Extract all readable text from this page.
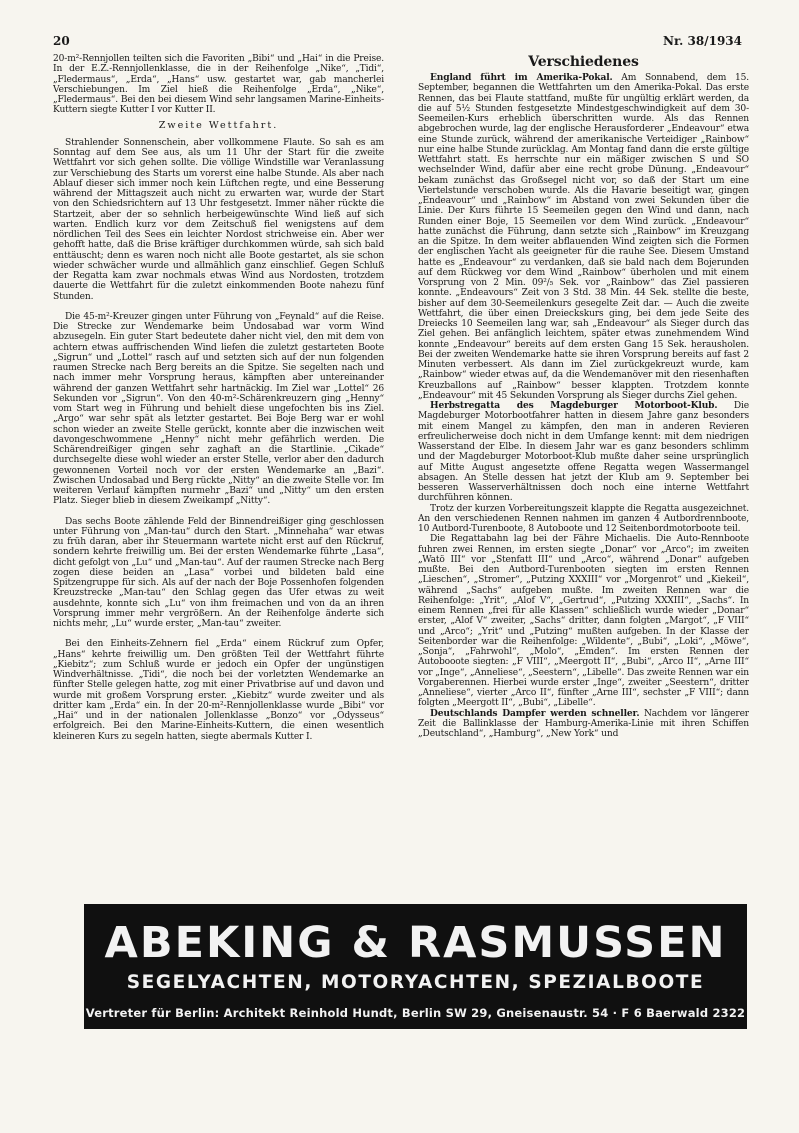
20	Nr. 38/1934

20-m²-Rennjollen teilten sich die Favoriten „Bibi“ und „Hai“ in die Preise. In der E.Z.-Rennjollenklasse, die in der Reihenfolge „Nike“, „Tidi“, „Fledermaus“, „Erda“, „Hans“ usw. gestartet war, gab mancherlei Verschiebungen. Im Ziel hieß die Reihenfolge „Erda“, „Nike“, „Fledermaus“. Bei den bei diesem Wind sehr langsamen Marine-Einheits-Kuttern siegte Kutter I vor Kutter II.

Zweite Wettfahrt.

Strahlender Sonnenschein, aber vollkommene Flaute. So sah es am Sonntag auf dem See aus, als um 11 Uhr der Start für die zweite Wettfahrt vor sich gehen sollte. Die völlige Windstille war Veranlassung zur Verschiebung des Starts um vorerst eine halbe Stunde. Als aber nach Ablauf dieser sich immer noch kein Lüftchen regte, und eine Besserung während der Mittagszeit auch nicht zu erwarten war, wurde der Start von den Schiedsrichtern auf 13 Uhr festgesetzt. Immer näher rückte die Startzeit, aber der so sehnlich herbeigewünschte Wind ließ auf sich warten. Endlich kurz vor dem Zeitschuß fiel wenigstens auf dem nördlichen Teil des Sees ein leichter Nordost strichweise ein. Aber wer gehofft hatte, daß die Brise kräftiger durchkommen würde, sah sich bald enttäuscht; denn es waren noch nicht alle Boote gestartet, als sie schon wieder schwächer wurde und allmählich ganz einschlief. Gegen Schluß der Regatta kam zwar nochmals etwas Wind aus Nordosten, trotzdem dauerte die Wettfahrt für die zuletzt einkommenden Boote nahezu fünf Stunden.

Die 45-m²-Kreuzer gingen unter Führung von „Feynald“ auf die Reise. Die Strecke zur Wendemarke beim Undosabad war vorm Wind abzusegeln. Ein guter Start bedeutete daher nicht viel, den mit dem von achtern etwas auffrischenden Wind liefen die zuletzt gestarteten Boote „Sigrun“ und „Lottel“ rasch auf und setzten sich auf der nun folgenden raumen Strecke nach Berg bereits an die Spitze. Sie segelten nach und nach immer mehr Vorsprung heraus, kämpften aber untereinander während der ganzen Wettfahrt sehr hartnäckig. Im Ziel war „Lottel“ 26 Sekunden vor „Sigrun“. Von den 40-m²-Schärenkreuzern ging „Henny“ vom Start weg in Führung und behielt diese ungefochten bis ins Ziel. „Argo“ war sehr spät als letzter gestartet. Bei Boje Berg war er wohl schon wieder an zweite Stelle gerückt, konnte aber die inzwischen weit davongeschwommene „Henny“ nicht mehr gefährlich werden. Die Schärendreißiger gingen sehr zaghaft an die Startlinie. „Cikade“ durchsegelte diese wohl wieder an erster Stelle, verlor aber den dadurch gewonnenen Vorteil noch vor der ersten Wendemarke an „Bazi“. Zwischen Undosabad und Berg rückte „Nitty“ an die zweite Stelle vor. Im weiteren Verlauf kämpften nurmehr „Bazi“ und „Nitty“ um den ersten Platz. Sieger blieb in diesem Zweikampf „Nitty“.

Das sechs Boote zählende Feld der Binnendreißiger ging geschlossen unter Führung von „Man-tau“ durch den Start. „Minnehaha“ war etwas zu früh daran, aber ihr Steuermann wartete nicht erst auf den Rückruf, sondern kehrte freiwillig um. Bei der ersten Wendemarke führte „Lasa“, dicht gefolgt von „Lu“ und „Man-tau“. Auf der raumen Strecke nach Berg zogen diese beiden an „Lasa“ vorbei und bildeten bald eine Spitzengruppe für sich. Als auf der nach der Boje Possenhofen folgenden Kreuzstrecke „Man-tau“ den Schlag gegen das Ufer etwas zu weit ausdehnte, konnte sich „Lu“ von ihm freimachen und von da an ihren Vorsprung immer mehr vergrößern. An der Reihenfolge änderte sich nichts mehr, „Lu“ wurde erster, „Man-tau“ zweiter.

Bei den Einheits-Zehnern fiel „Erda“ einem Rückruf zum Opfer, „Hans“ kehrte freiwillig um. Den größten Teil der Wettfahrt führte „Kiebitz“; zum Schluß wurde er jedoch ein Opfer der ungünstigen Windverhältnisse. „Tidi“, die noch bei der vorletzten Wendemarke an fünfter Stelle gelegen hatte, zog mit einer Privatbrise auf und davon und wurde mit großem Vorsprung erster. „Kiebitz“ wurde zweiter und als dritter kam „Erda“ ein. In der 20-m²-Rennjollenklasse wurde „Bibi“ vor „Hai“ und in der nationalen Jollenklasse „Bonzo“ vor „Odysseus“ erfolgreich. Bei den Marine-Einheits-Kuttern, die einen wesentlich kleineren Kurs zu segeln hatten, siegte abermals Kutter I.

Verschiedenes

England führt im Amerika-Pokal. Am Sonnabend, dem 15. September, begannen die Wettfahrten um den Amerika-Pokal. Das erste Rennen, das bei Flaute stattfand, mußte für ungültig erklärt werden, da die auf 5½ Stunden festgesetzte Mindestgeschwindigkeit auf dem 30-Seemeilen-Kurs erheblich überschritten wurde. Als das Rennen abgebrochen wurde, lag der englische Herausforderer „Endeavour“ etwa eine Stunde zurück, während der amerikanische Verteidiger „Rainbow“ nur eine halbe Stunde zurücklag. Am Montag fand dann die erste gültige Wettfahrt statt. Es herrschte nur ein mäßiger zwischen S und SO wechselnder Wind, dafür aber eine recht grobe Dünung. „Endeavour“ bekam zunächst das Großsegel nicht vor, so daß der Start um eine Viertelstunde verschoben wurde. Als die Havarie beseitigt war, gingen „Endeavour“ und „Rainbow“ im Abstand von zwei Sekunden über die Linie. Der Kurs führte 15 Seemeilen gegen den Wind und dann, nach Runden einer Boje, 15 Seemeilen vor dem Wind zurück. „Endeavour“ hatte zunächst die Führung, dann setzte sich „Rainbow“ im Kreuzgang an die Spitze. In dem weiter abflauenden Wind zeigten sich die Formen der englischen Yacht als geeigneter für die rauhe See. Diesem Umstand hatte es „Endeavour“ zu verdanken, daß sie bald nach dem Bojerunden auf dem Rückweg vor dem Wind „Rainbow“ überholen und mit einem Vorsprung von 2 Min. 09²/₅ Sek. vor „Rainbow“ das Ziel passieren konnte. „Endeavours“ Zeit von 3 Std. 38 Min. 44 Sek. stellte die beste, bisher auf dem 30-Seemeilenkurs gesegelte Zeit dar. — Auch die zweite Wettfahrt, die über einen Dreieckskurs ging, bei dem jede Seite des Dreiecks 10 Seemeilen lang war, sah „Endeavour“ als Sieger durch das Ziel gehen. Bei anfänglich leichtem, später etwas zunehmendem Wind konnte „Endeavour“ bereits auf dem ersten Gang 15 Sek. herausholen. Bei der zweiten Wendemarke hatte sie ihren Vorsprung bereits auf fast 2 Minuten verbessert. Als dann im Ziel zurückgekreuzt wurde, kam „Rainbow“ wieder etwas auf, da die Wendemanöver mit den riesenhaften Kreuzballons auf „Rainbow“ besser klappten. Trotzdem konnte „Endeavour“ mit 45 Sekunden Vorsprung als Sieger durchs Ziel gehen.

Herbstregatta des Magdeburger Motorboot-Klub. Die Magdeburger Motorbootfahrer hatten in diesem Jahre ganz besonders mit einem Mangel zu kämpfen, den man in anderen Revieren erfreulicherweise doch nicht in dem Umfange kennt: mit dem niedrigen Wasserstand der Elbe. In diesem Jahr war es ganz besonders schlimm und der Magdeburger Motorboot-Klub mußte daher seine ursprünglich auf Mitte August angesetzte offene Regatta wegen Wassermangel absagen. An Stelle dessen hat jetzt der Klub am 9. September bei besseren Wasserverhältnissen doch noch eine interne Wettfahrt durchführen können.

Trotz der kurzen Vorbereitungszeit klappte die Regatta ausgezeichnet. An den verschiedenen Rennen nahmen im ganzen 4 Autbordrennboote, 10 Autbord-Turenboote, 8 Autoboote und 12 Seitenbordmotorboote teil.

Die Regattabahn lag bei der Fähre Michaelis. Die Auto-Rennboote fuhren zwei Rennen, im ersten siegte „Donar“ vor „Arco“; im zweiten „Watö III“ vor „Stenfatt III“ und „Arco“, während „Donar“ aufgeben mußte. Bei den Autbord-Turenbooten siegten im ersten Rennen „Lieschen“, „Stromer“, „Putzing XXXIII“ vor „Morgenrot“ und „Kiekeil“, während „Sachs“ aufgeben mußte. Im zweiten Rennen war die Reihenfolge: „Yrit“, „Alof V“, „Gertrud“, „Putzing XXXIII“, „Sachs“. In einem Rennen „frei für alle Klassen“ schließlich wurde wieder „Donar“ erster, „Alof V“ zweiter, „Sachs“ dritter, dann folgten „Margot“, „F VIII“ und „Arco“; „Yrit“ und „Putzing“ mußten aufgeben. In der Klasse der Seitenborder war die Reihenfolge: „Wildente“, „Bubi“, „Loki“, „Möwe“, „Sonja“, „Fahrwohl“, „Molo“, „Emden“. Im ersten Rennen der Autobooote siegten: „F VIII“, „Meergott II“, „Bubi“, „Arco II“, „Arne III“ vor „Inge“, „Anneliese“, „Seestern“, „Libelle“. Das zweite Rennen war ein Vorgaberennen. Hierbei wurde erster „Inge“, zweiter „Seestern“, dritter „Anneliese“, vierter „Arco II“, fünfter „Arne III“, sechster „F VIII“; dann folgten „Meergott II“, „Bubi“, „Libelle“.

Deutschlands Dampfer werden schneller. Nachdem vor längerer Zeit die Ballinklasse der Hamburg-Amerika-Linie mit ihren Schiffen „Deutschland“, „Hamburg“, „New York“ und

ABEKING & RASMUSSEN
SEGELYACHTEN, MOTORYACHTEN, SPEZIALBOOTE
Vertreter für Berlin: Architekt Reinhold Hundt, Berlin SW 29, Gneisenaustr. 54 · F 6 Baerwald 2322
